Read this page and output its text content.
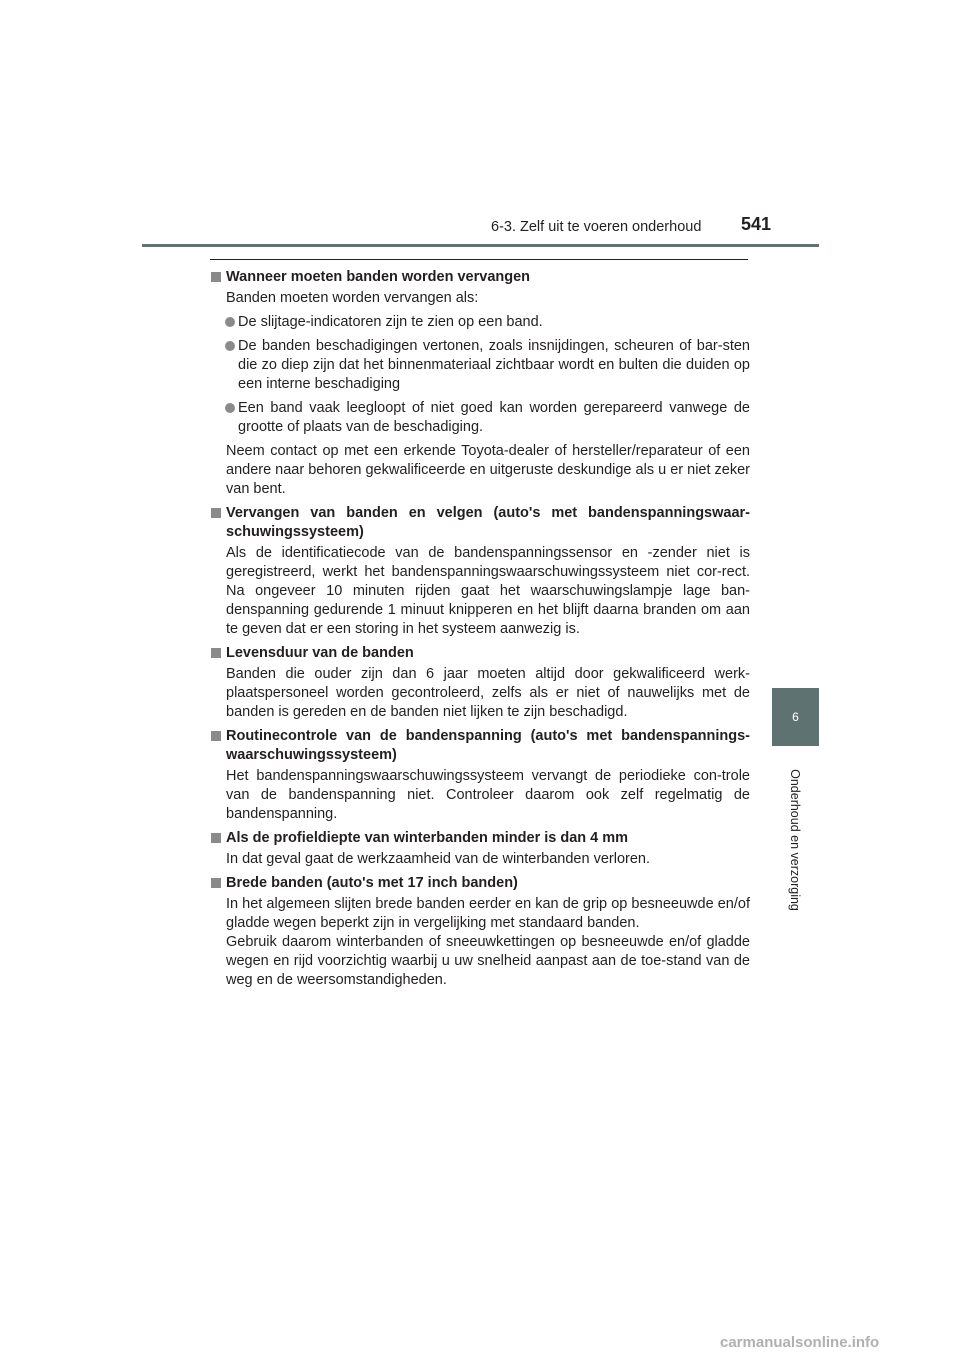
6-3. Zelf uit te voeren onderhoud 541
6
Onderhoud en verzorging
Wanneer moeten banden worden vervangen
Banden moeten worden vervangen als:
De slijtage-indicatoren zijn te zien op een band.
De banden beschadigingen vertonen, zoals insnijdingen, scheuren of bar-sten die zo diep zijn dat het binnenmateriaal zichtbaar wordt en bulten die duiden op een interne beschadiging
Een band vaak leegloopt of niet goed kan worden gerepareerd vanwege de grootte of plaats van de beschadiging.
Neem contact op met een erkende Toyota-dealer of hersteller/reparateur of een andere naar behoren gekwalificeerde en uitgeruste deskundige als u er niet zeker van bent.
Vervangen van banden en velgen (auto's met bandenspanningswaar-schuwingssysteem)
Als de identificatiecode van de bandenspanningssensor en -zender niet is geregistreerd, werkt het bandenspanningswaarschuwingssysteem niet cor-rect. Na ongeveer 10 minuten rijden gaat het waarschuwingslampje lage ban-denspanning gedurende 1 minuut knipperen en het blijft daarna branden om aan te geven dat er een storing in het systeem aanwezig is.
Levensduur van de banden
Banden die ouder zijn dan 6 jaar moeten altijd door gekwalificeerd werk-plaatspersoneel worden gecontroleerd, zelfs als er niet of nauwelijks met de banden is gereden en de banden niet lijken te zijn beschadigd.
Routinecontrole van de bandenspanning (auto's met bandenspannings-waarschuwingssysteem)
Het bandenspanningswaarschuwingssysteem vervangt de periodieke con-trole van de bandenspanning niet. Controleer daarom ook zelf regelmatig de bandenspanning.
Als de profieldiepte van winterbanden minder is dan 4 mm
In dat geval gaat de werkzaamheid van de winterbanden verloren.
Brede banden (auto's met 17 inch banden)
In het algemeen slijten brede banden eerder en kan de grip op besneeuwde en/of gladde wegen beperkt zijn in vergelijking met standaard banden.
Gebruik daarom winterbanden of sneeuwkettingen op besneeuwde en/of gladde wegen en rijd voorzichtig waarbij u uw snelheid aanpast aan de toe-stand van de weg en de weersomstandigheden.
carmanualsonline.info
